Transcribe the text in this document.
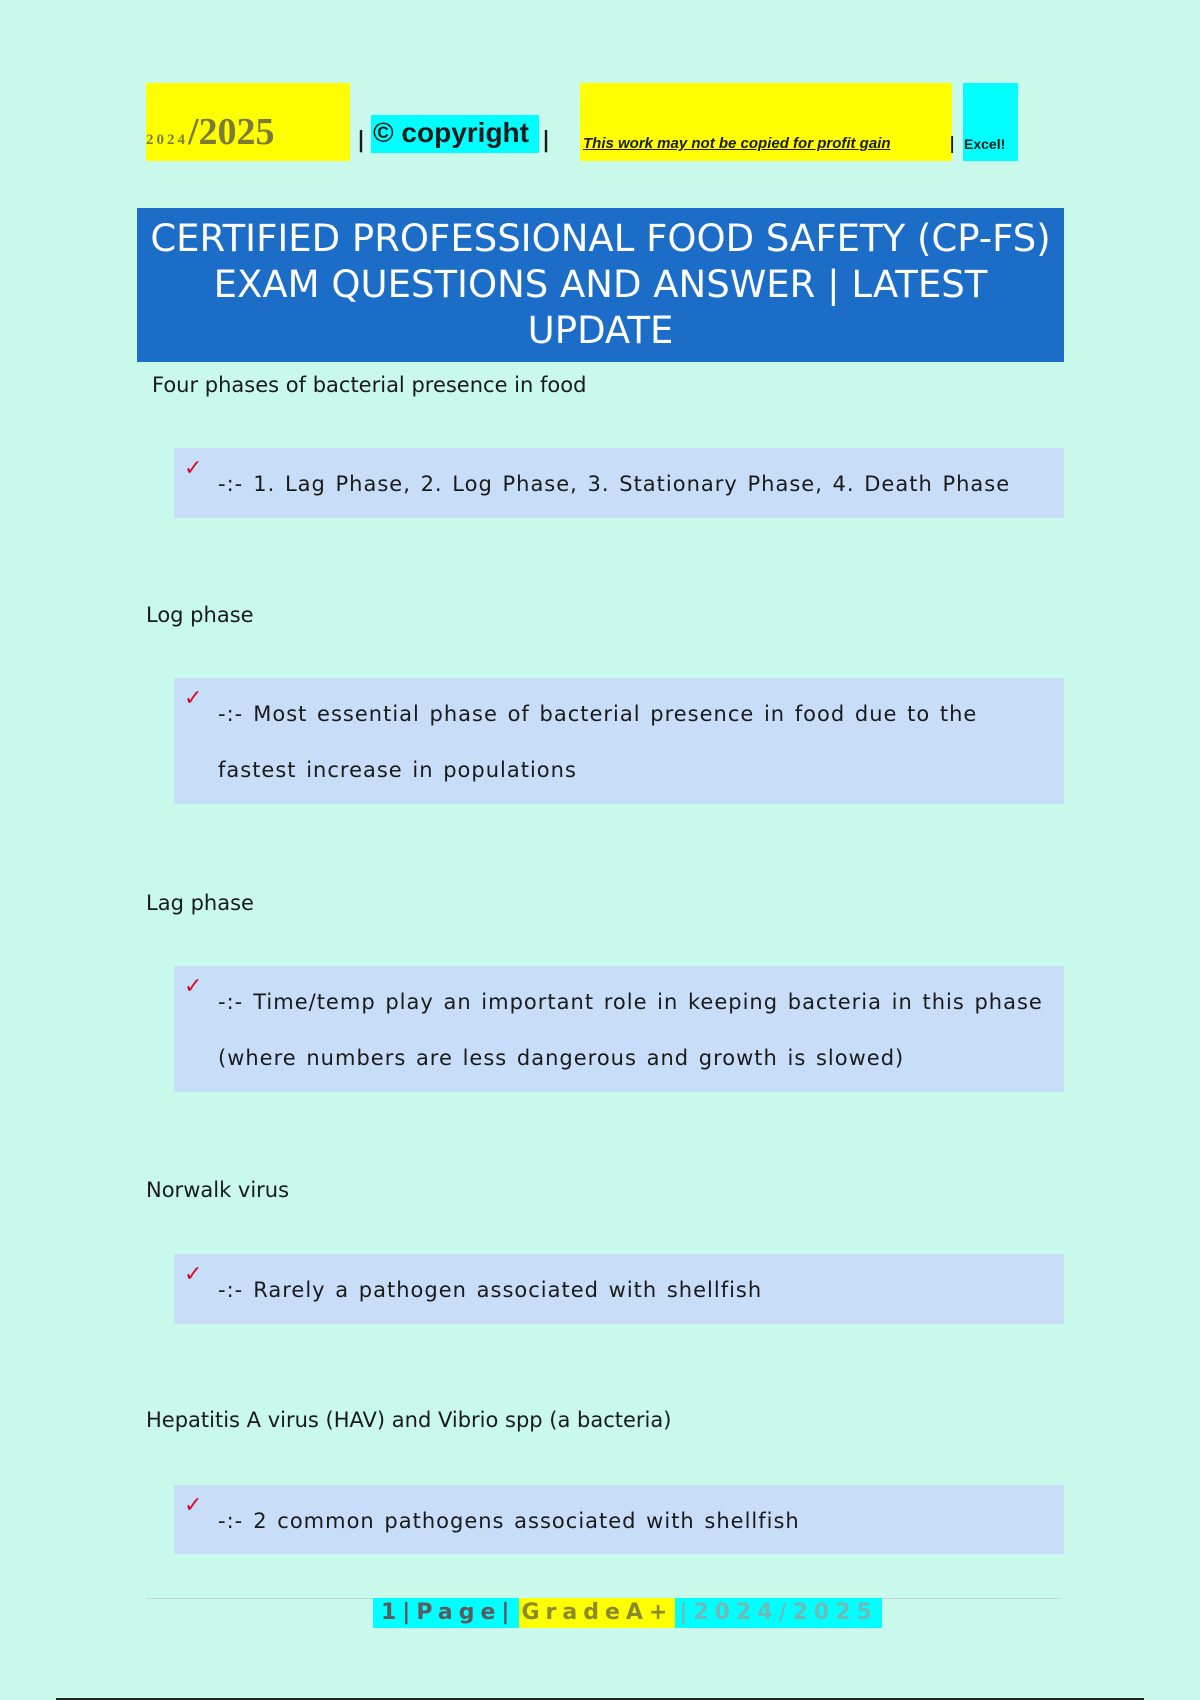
2024/2025	| © copyright | This work may not be copied for profit gain	| Excel!
CERTIFIED PROFESSIONAL FOOD SAFETY (CP-FS) EXAM QUESTIONS AND ANSWER | LATEST UPDATE
Four phases of bacterial presence in food
✓
-:- 1. Lag Phase, 2. Log Phase, 3. Stationary Phase, 4. Death Phase
Log phase
✓
-:- Most essential phase of bacterial presence in food due to the fastest increase in populations
Lag phase
✓
-:- Time/temp play an important role in keeping bacteria in this phase (where numbers are less dangerous and growth is slowed)
Norwalk virus
✓
-:- Rarely a pathogen associated with shellfish
Hepatitis A virus (HAV) and Vibrio spp (a bacteria)
✓
-:- 2 common pathogens associated with shellfish
1|Page| GradeA+ |2024/2025
